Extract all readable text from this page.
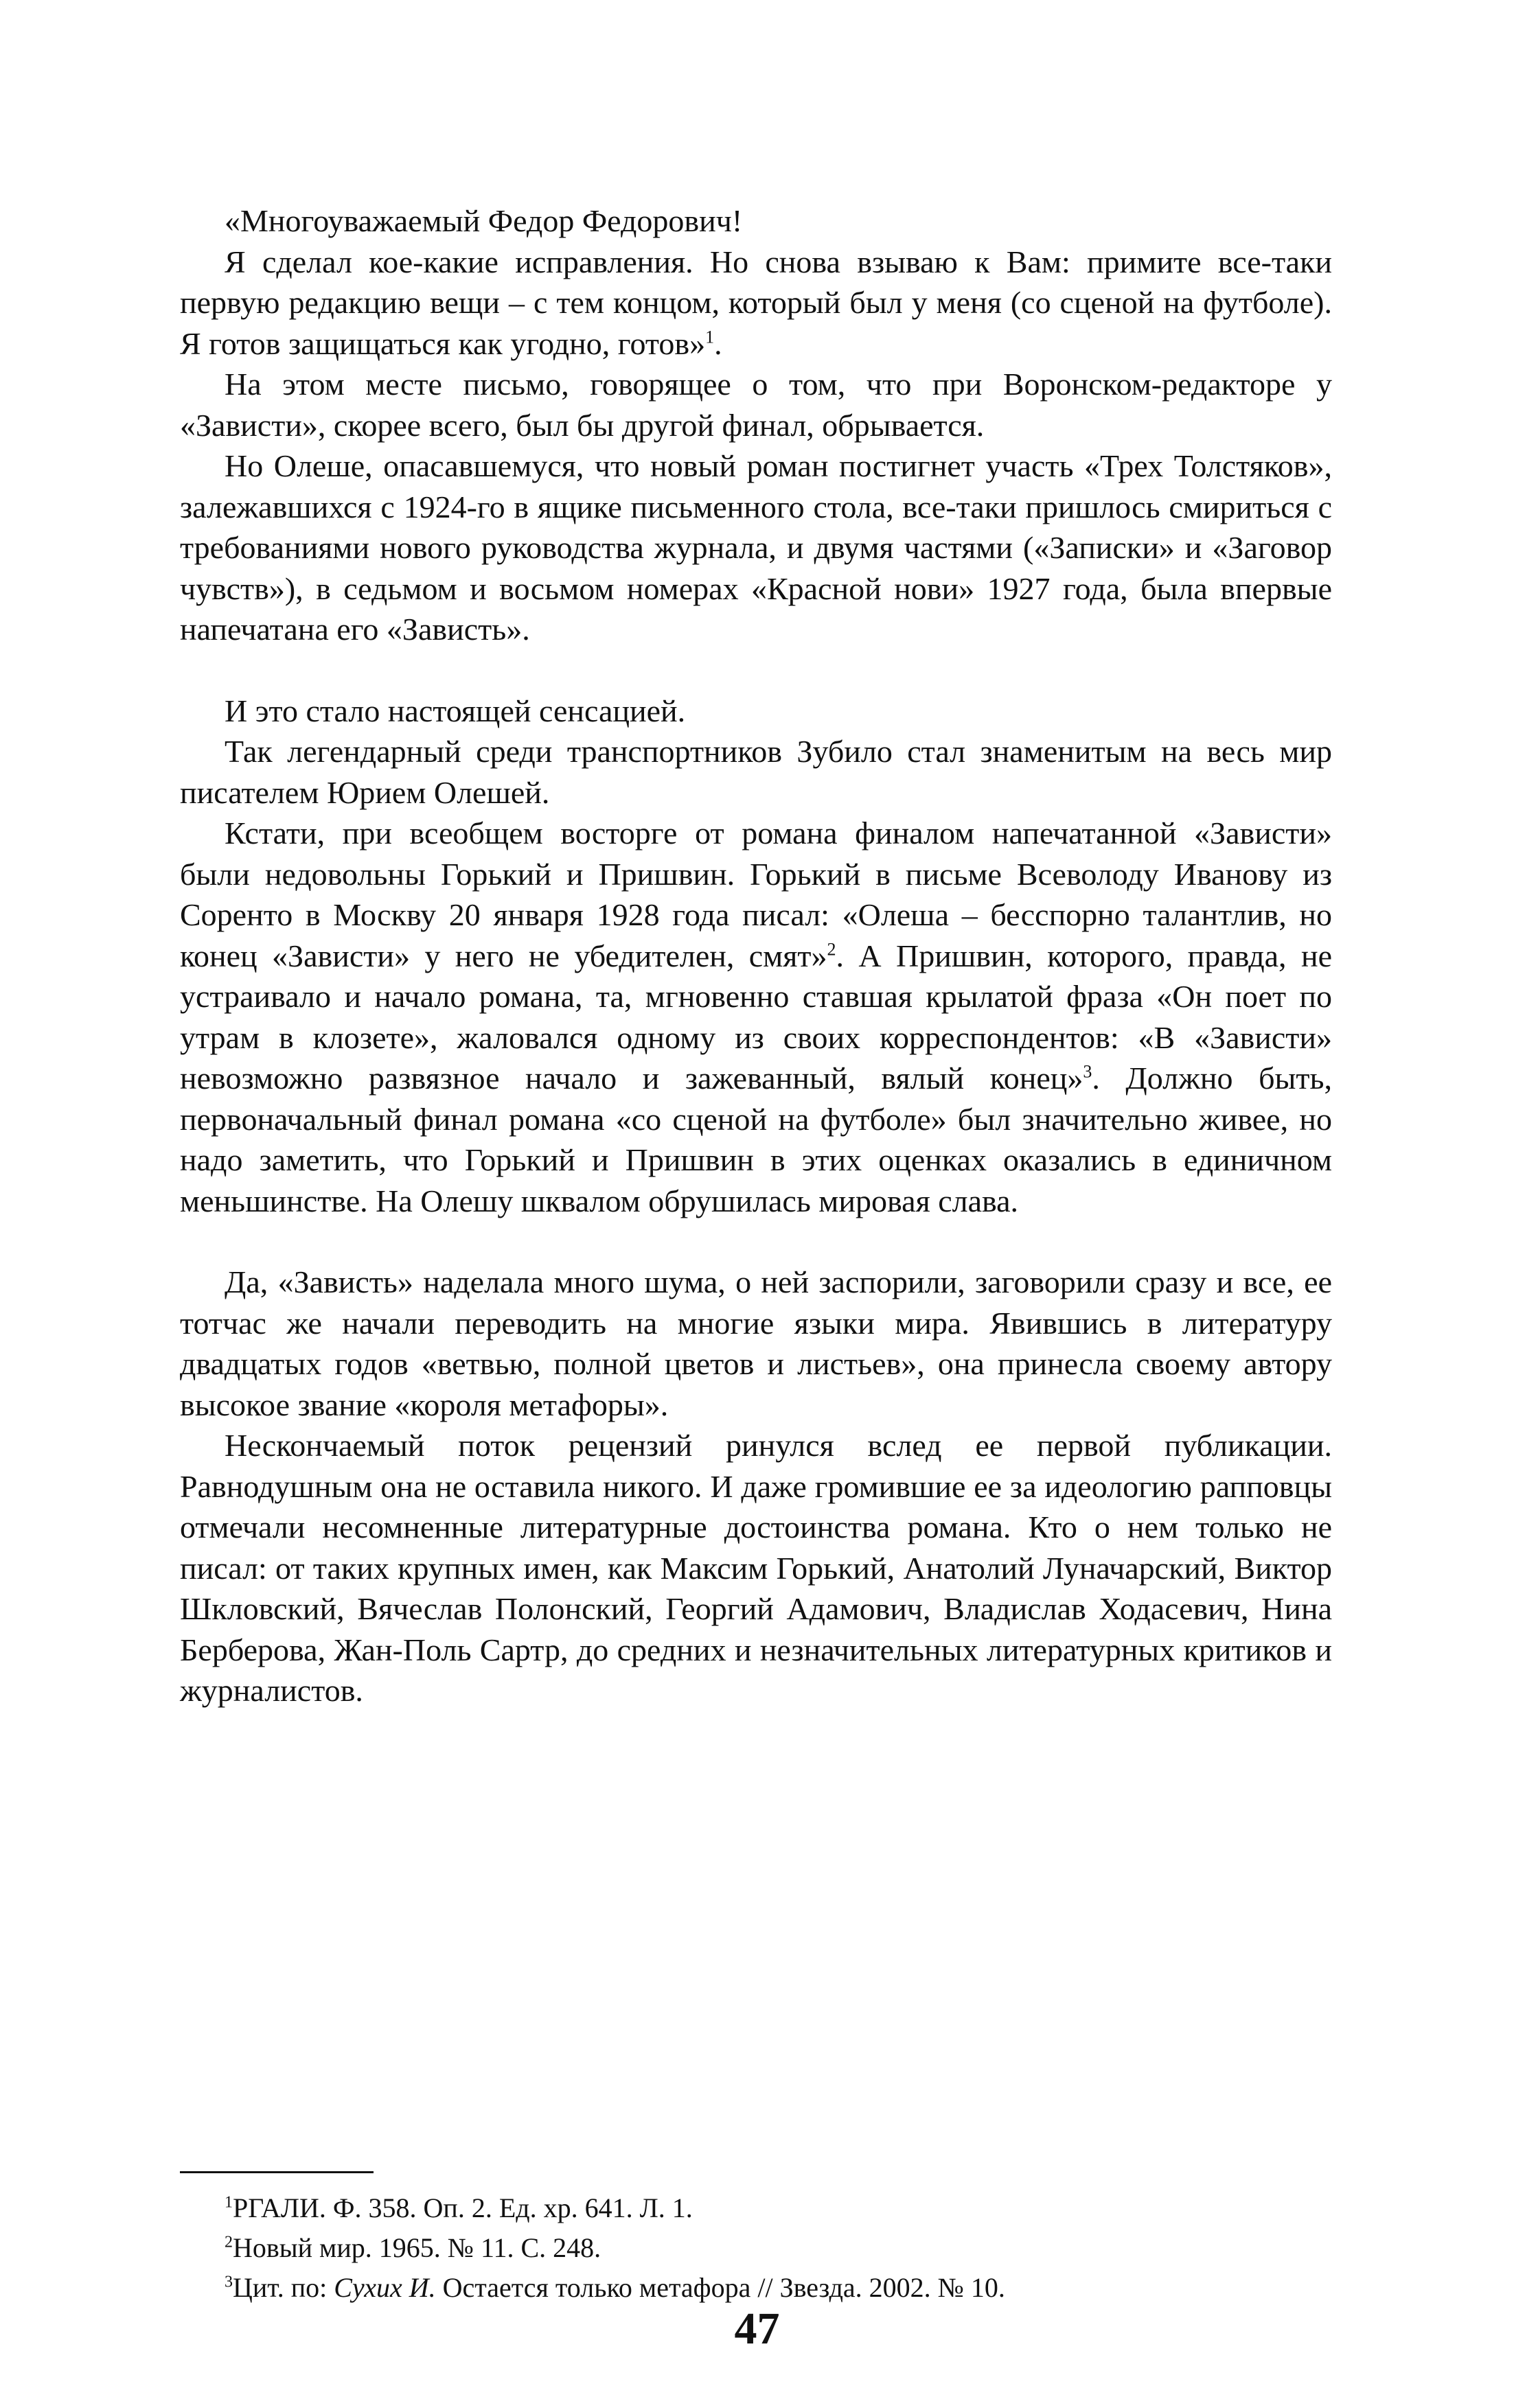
«Многоуважаемый Федор Федорович!

Я сделал кое-какие исправления. Но снова взываю к Вам: примите все-таки первую редакцию вещи – с тем концом, который был у меня (со сценой на футболе). Я готов защищаться как угодно, готов»$^1$.

На этом месте письмо, говорящее о том, что при Воронском-редакторе у «Зависти», скорее всего, был бы другой финал, обрывается.

Но Олеше, опасавшемуся, что новый роман постигнет участь «Трех Толстяков», залежавшихся с 1924-го в ящике письменного стола, все-таки пришлось смириться с требованиями нового руководства журнала, и двумя частями («Записки» и «Заговор чувств»), в седьмом и восьмом номерах «Красной нови» 1927 года, была впервые напечатана его «Зависть».

И это стало настоящей сенсацией.

Так легендарный среди транспортников Зубило стал знаменитым на весь мир писателем Юрием Олешей.

Кстати, при всеобщем восторге от романа финалом напечатанной «Зависти» были недовольны Горький и Пришвин. Горький в письме Всеволоду Иванову из Соренто в Москву 20 января 1928 года писал: «Олеша – бесспорно талантлив, но конец «Зависти» у него не убедителен, смят»$^2$. А Пришвин, которого, правда, не устраивало и начало романа, та, мгновенно ставшая крылатой фраза «Он поет по утрам в клозете», жаловался одному из своих корреспондентов: «В «Зависти» невозможно развязное начало и зажеванный, вялый конец»$^3$. Должно быть, первоначальный финал романа «со сценой на футболе» был значительно живее, но надо заметить, что Горький и Пришвин в этих оценках оказались в единичном меньшинстве. На Олешу шквалом обрушилась мировая слава.

Да, «Зависть» наделала много шума, о ней заспорили, заговорили сразу и все, ее тотчас же начали переводить на многие языки мира. Явившись в литературу двадцатых годов «ветвью, полной цветов и листьев», она принесла своему автору высокое звание «короля метафоры».

Нескончаемый поток рецензий ринулся вслед ее первой публикации. Равнодушным она не оставила никого. И даже громившие ее за идеологию рапповцы отмечали несомненные литературные достоинства романа. Кто о нем только не писал: от таких крупных имен, как Максим Горький, Анатолий Луначарский, Виктор Шкловский, Вячеслав Полонский, Георгий Адамович, Владислав Ходасевич, Нина Берберова, Жан-Поль Сартр, до средних и незначительных литературных критиков и журналистов.

$^1$РГАЛИ. Ф. 358. Оп. 2. Ед. хр. 641. Л. 1.

$^2$Новый мир. 1965. № 11. С. 248.

$^3$Цит. по: Сухих И. Остается только метафора // Звезда. 2002. № 10.

47
